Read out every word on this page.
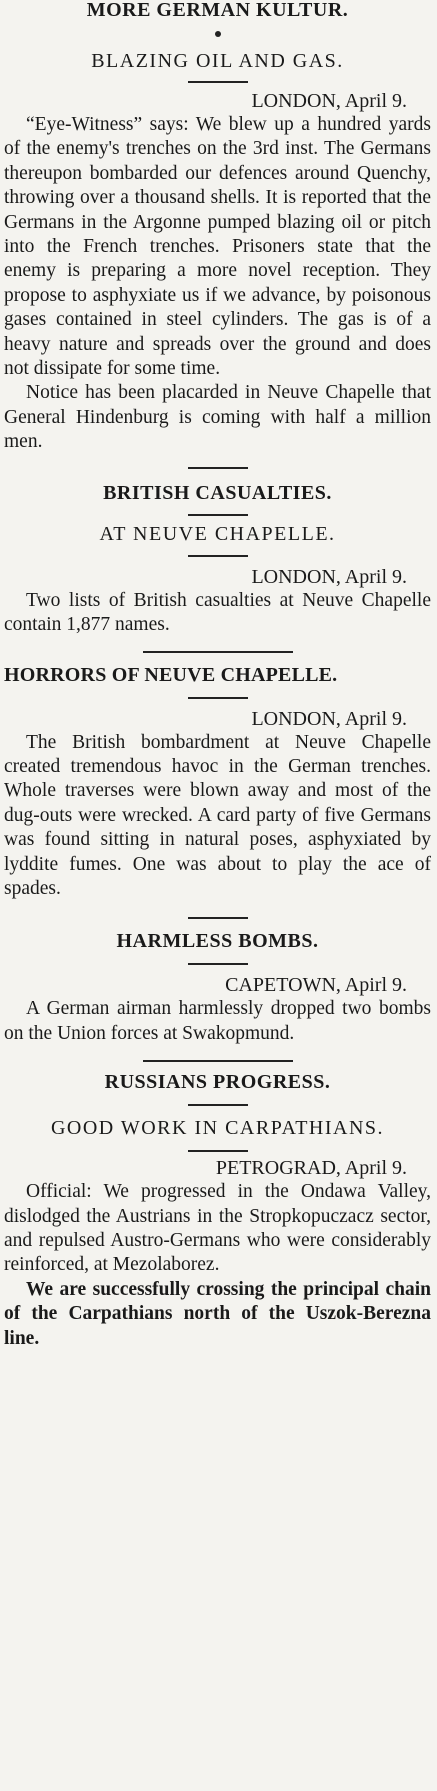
MORE GERMAN KULTUR.
BLAZING OIL AND GAS.
LONDON, April 9.

“Eye-Witness” says: We blew up a hundred yards of the enemy's trenches on the 3rd inst. The Germans thereupon bombarded our defences around Quenchy, throwing over a thousand shells. It is reported that the Germans in the Argonne pumped blazing oil or pitch into the French trenches. Prisoners state that the enemy is preparing a more novel reception. They propose to asphyxiate us if we advance, by poisonous gases contained in steel cylinders. The gas is of a heavy nature and spreads over the ground and does not dissipate for some time.

Notice has been placarded in Neuve Chapelle that General Hindenburg is coming with half a million men.

BRITISH CASUALTIES.
AT NEUVE CHAPELLE.
LONDON, April 9.

Two lists of British casualties at Neuve Chapelle contain 1,877 names.

HORRORS OF NEUVE CHAPELLE.
LONDON, April 9.

The British bombardment at Neuve Chapelle created tremendous havoc in the German trenches. Whole traverses were blown away and most of the dug-outs were wrecked. A card party of five Germans was found sitting in natural poses, asphyxiated by lyddite fumes. One was about to play the ace of spades.

HARMLESS BOMBS.
CAPETOWN, Apirl 9.

A German airman harmlessly dropped two bombs on the Union forces at Swakopmund.

RUSSIANS PROGRESS.
GOOD WORK IN CARPATHIANS.
PETROGRAD, April 9.

Official: We progressed in the Ondawa Valley, dislodged the Austrians in the Stropkopuczacz sector, and repulsed Austro-Germans who were considerably reinforced, at Mezolaborez.

We are successfully crossing the principal chain of the Carpathians north of the Uszok-Berezna line.
